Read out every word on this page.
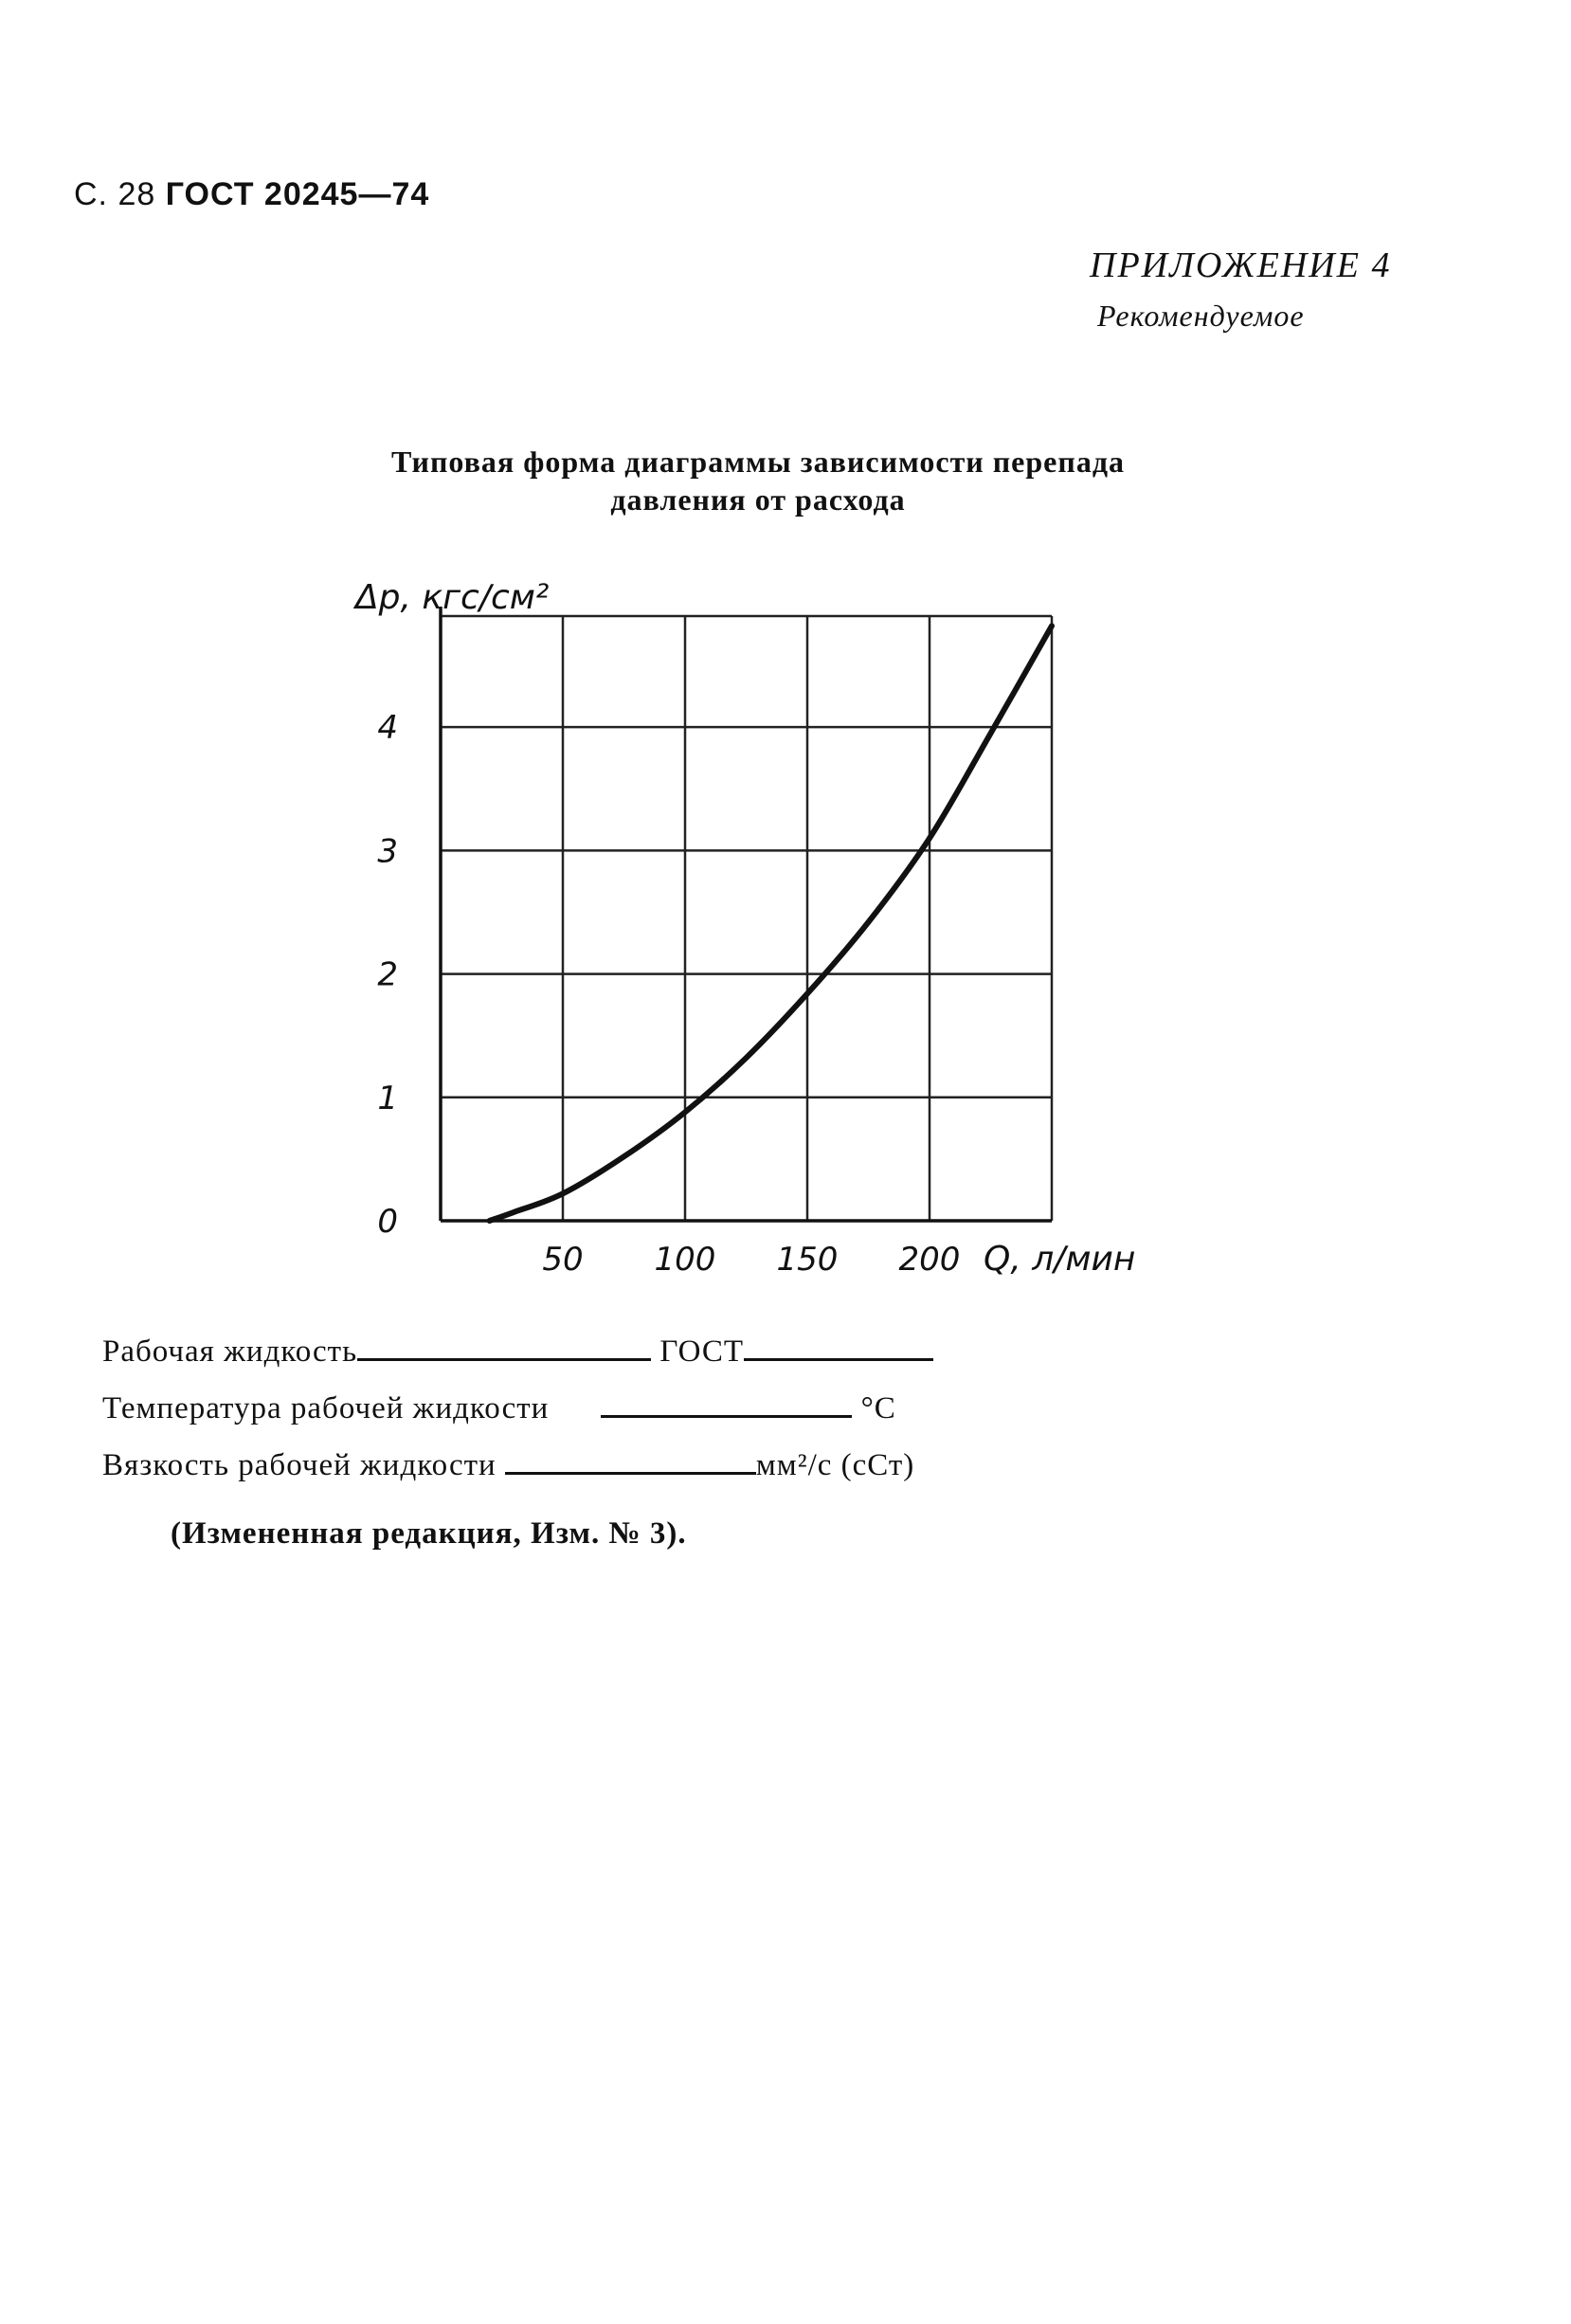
С. 28 ГОСТ 20245—74
ПРИЛОЖЕНИЕ 4
Рекомендуемое
Типовая форма диаграммы зависимости перепада
давления от расхода
50 100 150 200
0
1
2
3
4
Δр, кгс/см²
Q, л/мин
Рабочая жидкость	ГОСТ
Температура рабочей жидкости	°С
Вязкость рабочей жидкости	мм²/с (сСт)
(Измененная редакция, Изм. № 3).
